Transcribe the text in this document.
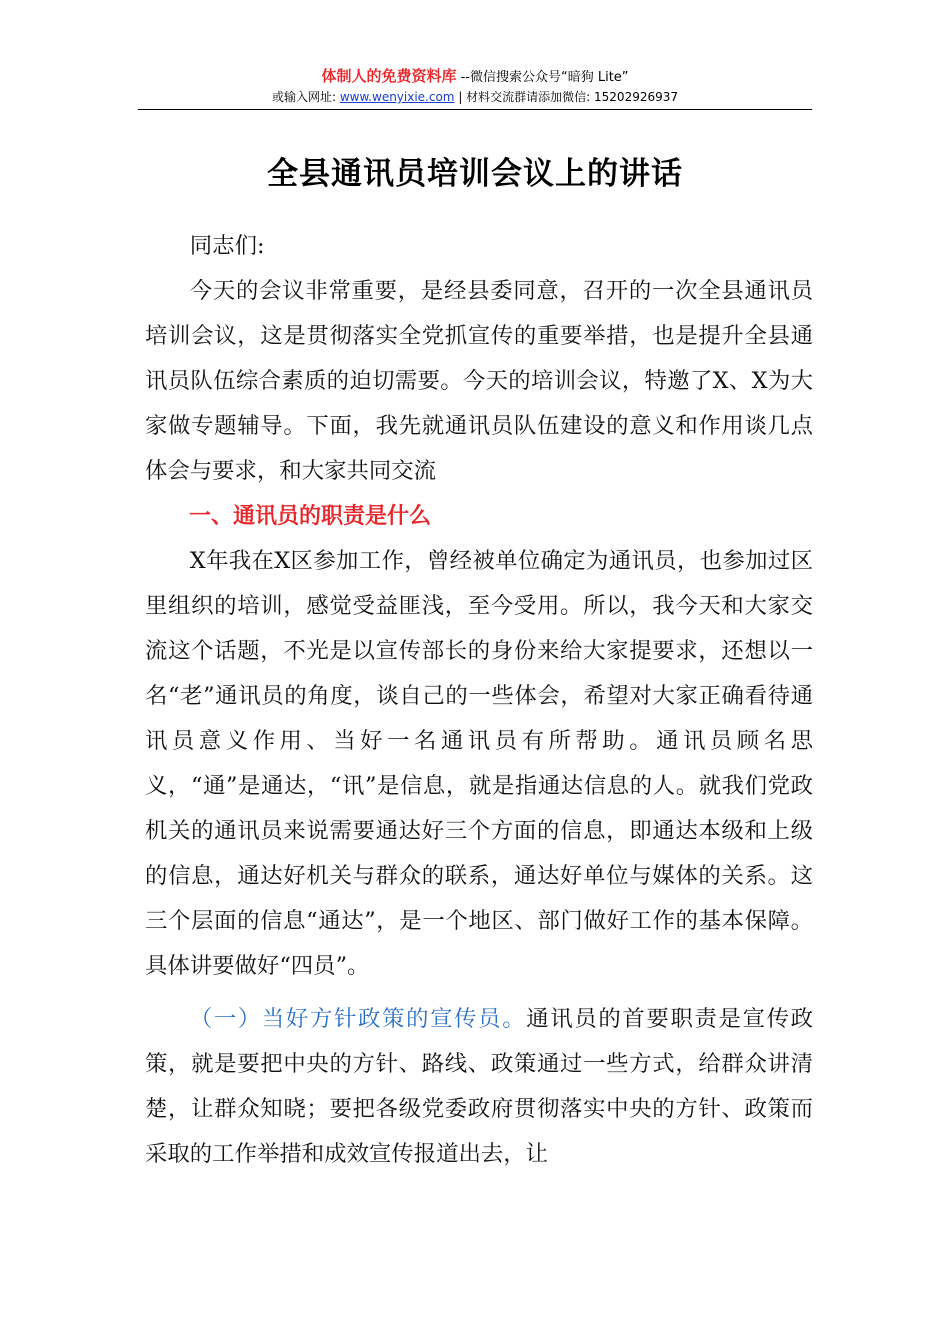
体制人的免费资料库 --微信搜索公众号“暗狗 Lite”
或输入网址: www.wenyixie.com | 材料交流群请添加微信: 15202926937
全县通讯员培训会议上的讲话

同志们:

今天的会议非常重要，是经县委同意，召开的一次全县通讯员培训会议，这是贯彻落实全党抓宣传的重要举措，也是提升全县通讯员队伍综合素质的迫切需要。今天的培训会议，特邀了X、X为大家做专题辅导。下面，我先就通讯员队伍建设的意义和作用谈几点体会与要求，和大家共同交流

一、通讯员的职责是什么

X年我在X区参加工作，曾经被单位确定为通讯员，也参加过区里组织的培训，感觉受益匪浅，至今受用。所以，我今天和大家交流这个话题，不光是以宣传部长的身份来给大家提要求，还想以一名“老”通讯员的角度，谈自己的一些体会，希望对大家正确看待通讯员意义作用、当好一名通讯员有所帮助。通讯员顾名思义，“通”是通达，“讯”是信息，就是指通达信息的人。就我们党政机关的通讯员来说需要通达好三个方面的信息，即通达本级和上级的信息，通达好机关与群众的联系，通达好单位与媒体的关系。这三个层面的信息“通达”，是一个地区、部门做好工作的基本保障。具体讲要做好“四员”。

（一）当好方针政策的宣传员。通讯员的首要职责是宣传政策，就是要把中央的方针、路线、政策通过一些方式，给群众讲清楚，让群众知晓；要把各级党委政府贯彻落实中央的方针、政策而采取的工作举措和成效宣传报道出去，让
